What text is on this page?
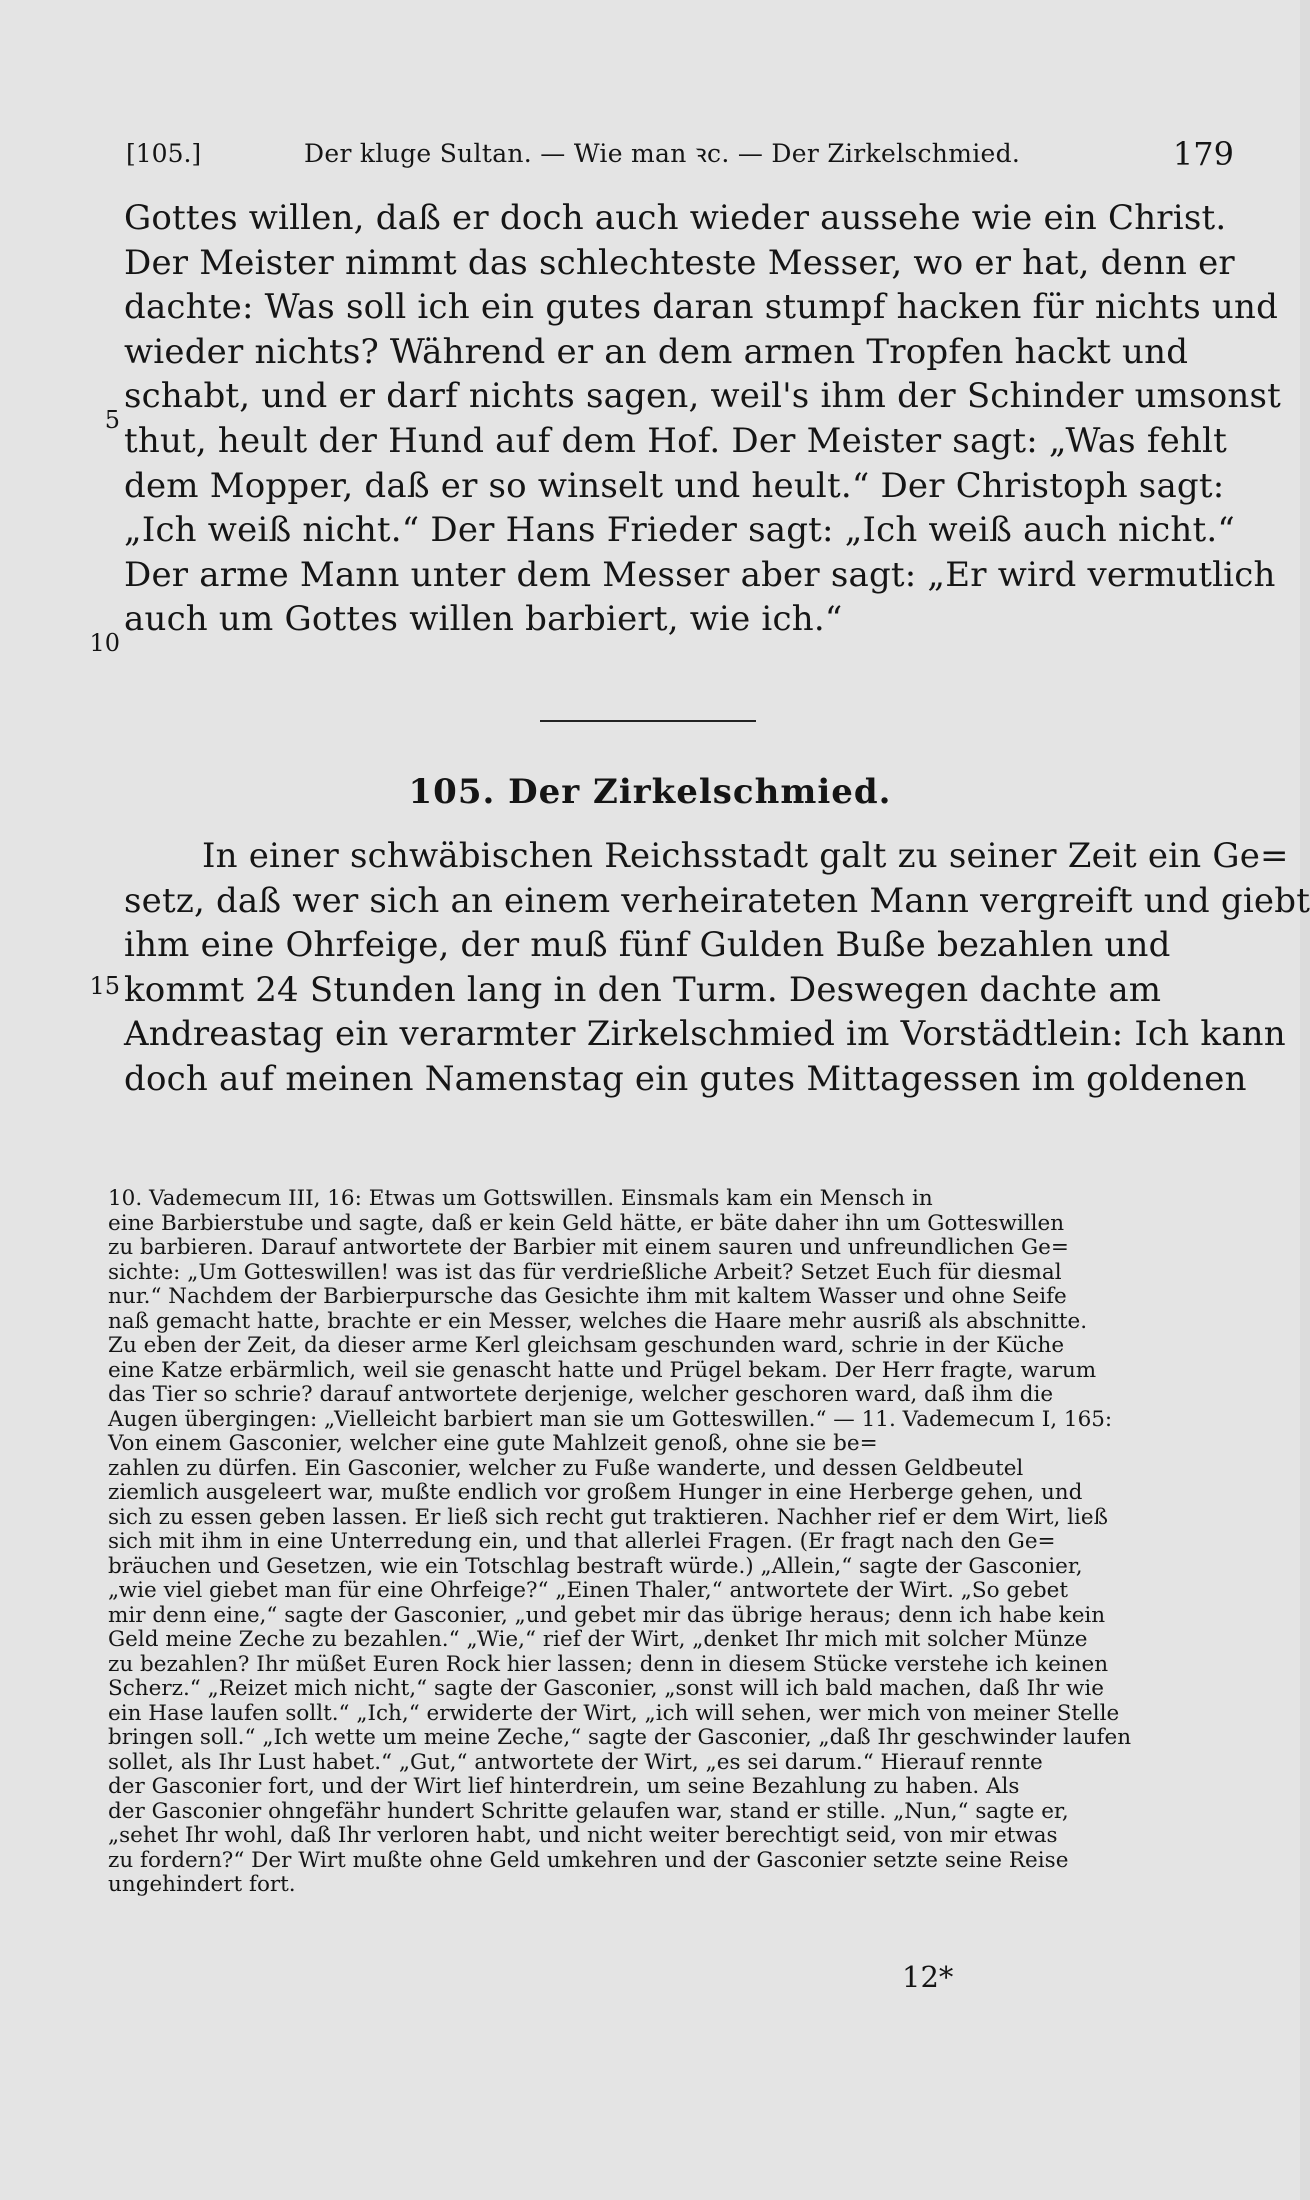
[105.]	Der kluge Sultan. — Wie man ꝛc. — Der Zirkelschmied.	179
Gottes willen, daß er doch auch wieder aussehe wie ein Christ.
Der Meister nimmt das schlechteste Messer, wo er hat, denn er
dachte: Was soll ich ein gutes daran stumpf hacken für nichts und
wieder nichts? Während er an dem armen Tropfen hackt und
schabt, und er darf nichts sagen, weil's ihm der Schinder umsonst
thut, heult der Hund auf dem Hof. Der Meister sagt: „Was fehlt
dem Mopper, daß er so winselt und heult.“ Der Christoph sagt:
„Ich weiß nicht.“ Der Hans Frieder sagt: „Ich weiß auch nicht.“
Der arme Mann unter dem Messer aber sagt: „Er wird vermutlich
auch um Gottes willen barbiert, wie ich.“
5
10
15
105. Der Zirkelschmied.
In einer schwäbischen Reichsstadt galt zu seiner Zeit ein Ge=
setz, daß wer sich an einem verheirateten Mann vergreift und giebt
ihm eine Ohrfeige, der muß fünf Gulden Buße bezahlen und
kommt 24 Stunden lang in den Turm. Deswegen dachte am
Andreastag ein verarmter Zirkelschmied im Vorstädtlein: Ich kann
doch auf meinen Namenstag ein gutes Mittagessen im goldenen
10. Vademecum III, 16: Etwas um Gottswillen. Einsmals kam ein Mensch in
eine Barbierstube und sagte, daß er kein Geld hätte, er bäte daher ihn um Gotteswillen
zu barbieren. Darauf antwortete der Barbier mit einem sauren und unfreundlichen Ge=
sichte: „Um Gotteswillen! was ist das für verdrießliche Arbeit? Setzet Euch für diesmal
nur.“ Nachdem der Barbierpursche das Gesichte ihm mit kaltem Wasser und ohne Seife
naß gemacht hatte, brachte er ein Messer, welches die Haare mehr ausriß als abschnitte.
Zu eben der Zeit, da dieser arme Kerl gleichsam geschunden ward, schrie in der Küche
eine Katze erbärmlich, weil sie genascht hatte und Prügel bekam. Der Herr fragte, warum
das Tier so schrie? darauf antwortete derjenige, welcher geschoren ward, daß ihm die
Augen übergingen: „Vielleicht barbiert man sie um Gotteswillen.“ — 11. Vademecum I, 165:
Von einem Gasconier, welcher eine gute Mahlzeit genoß, ohne sie be=
zahlen zu dürfen. Ein Gasconier, welcher zu Fuße wanderte, und dessen Geldbeutel
ziemlich ausgeleert war, mußte endlich vor großem Hunger in eine Herberge gehen, und
sich zu essen geben lassen. Er ließ sich recht gut traktieren. Nachher rief er dem Wirt, ließ
sich mit ihm in eine Unterredung ein, und that allerlei Fragen. (Er fragt nach den Ge=
bräuchen und Gesetzen, wie ein Totschlag bestraft würde.) „Allein,“ sagte der Gasconier,
„wie viel giebet man für eine Ohrfeige?“ „Einen Thaler,“ antwortete der Wirt. „So gebet
mir denn eine,“ sagte der Gasconier, „und gebet mir das übrige heraus; denn ich habe kein
Geld meine Zeche zu bezahlen.“ „Wie,“ rief der Wirt, „denket Ihr mich mit solcher Münze
zu bezahlen? Ihr müßet Euren Rock hier lassen; denn in diesem Stücke verstehe ich keinen
Scherz.“ „Reizet mich nicht,“ sagte der Gasconier, „sonst will ich bald machen, daß Ihr wie
ein Hase laufen sollt.“ „Ich,“ erwiderte der Wirt, „ich will sehen, wer mich von meiner Stelle
bringen soll.“ „Ich wette um meine Zeche,“ sagte der Gasconier, „daß Ihr geschwinder laufen
sollet, als Ihr Lust habet.“ „Gut,“ antwortete der Wirt, „es sei darum.“ Hierauf rennte
der Gasconier fort, und der Wirt lief hinterdrein, um seine Bezahlung zu haben. Als
der Gasconier ohngefähr hundert Schritte gelaufen war, stand er stille. „Nun,“ sagte er,
„sehet Ihr wohl, daß Ihr verloren habt, und nicht weiter berechtigt seid, von mir etwas
zu fordern?“ Der Wirt mußte ohne Geld umkehren und der Gasconier setzte seine Reise
ungehindert fort.
12*
